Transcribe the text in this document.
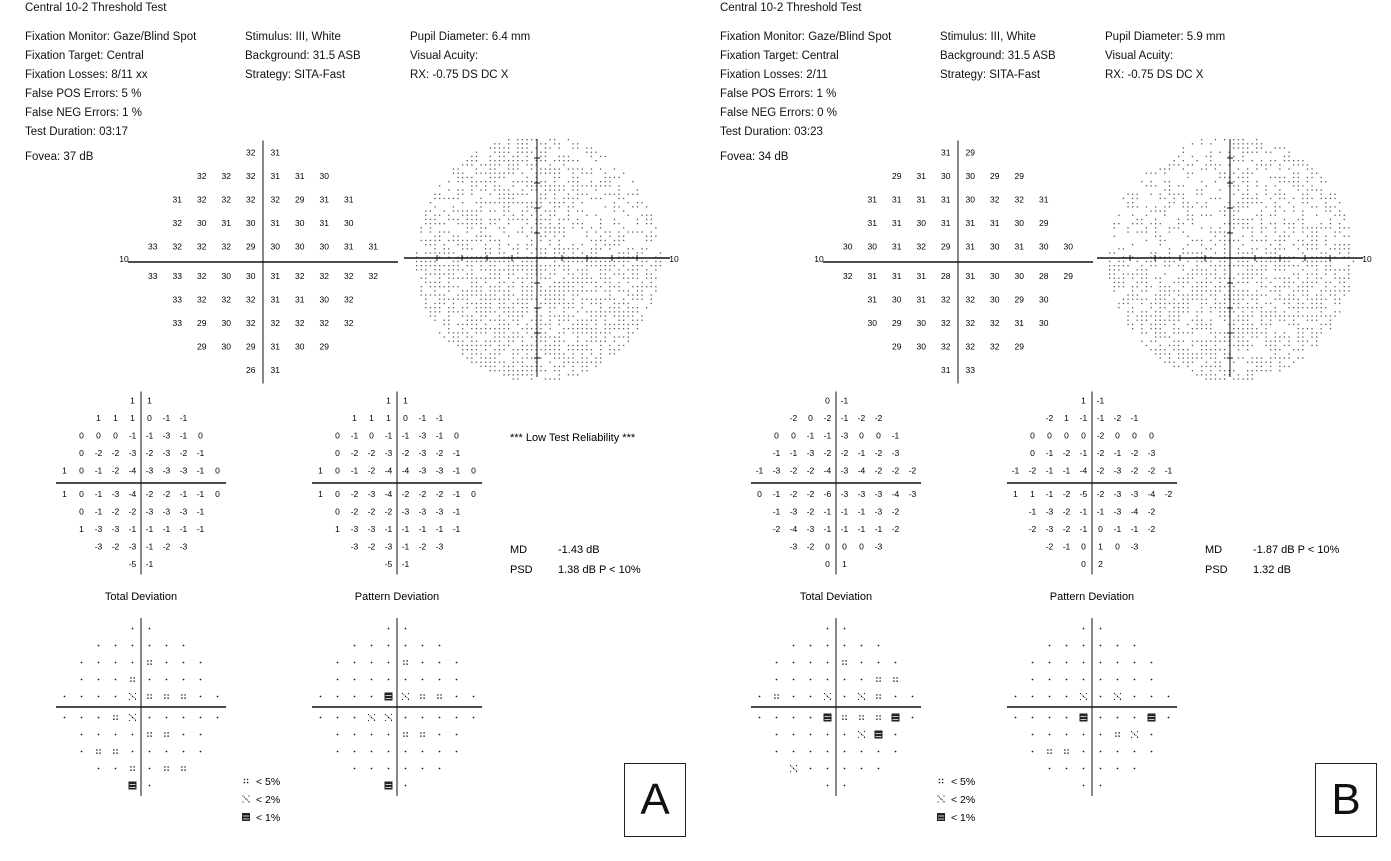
Central 10-2 Threshold Test
Fixation Monitor: Gaze/Blind Spot
Fixation Target: Central
Fixation Losses: 8/11 xx
False POS Errors: 5 %
False NEG Errors: 1 %
Test Duration: 03:17
Stimulus: III, White
Background: 31.5 ASB
Strategy: SITA-Fast
Pupil Diameter: 6.4 mm
Visual Acuity:
RX: -0.75 DS DC X
Fovea: 37 dB	32 31
32 32 32 31 31 30
31 32 32 32 32 29 31 31
32 30 31 30 31 30 31 30
33 32 32 32 29 30 30 30 31 31
33 33 32 30 30 31 32 32 32 32
33 32 32 32 31 31 30 32
33 29 30 32 32 32 32 32
29 30 29 31 30 29
26 31
10	10
1 1
1 1 1 0 -1 -1
0 0 0 -1 -1 -3 -1 0
0 -2 -2 -3 -2 -3 -2 -1
1 0 -1 -2 -4 -3 -3 -3 -1 0
1 0 -1 -3 -4 -2 -2 -1 -1 0
0 -1 -2 -2 -3 -3 -3 -1
1 -3 -3 -1 -1 -1 -1 -1
-3 -2 -3 -1 -2 -3
-5 -1
1 1
1 1 1 0 -1 -1
0 -1 0 -1 -1 -3 -1 0
0 -2 -2 -3 -2 -3 -2 -1
1 0 -1 -2 -4 -4 -3 -3 -1 0
1 0 -2 -3 -4 -2 -2 -2 -1 0
0 -2 -2 -2 -3 -3 -3 -1
1 -3 -3 -1 -1 -1 -1 -1
-3 -2 -3 -1 -2 -3
-5 -1
Total Deviation	Pattern Deviation
< 5%
< 2%
< 1%
*** Low Test Reliability ***
MD	-1.43 dB
PSD 1.38 dB P < 10%
A
Central 10-2 Threshold Test
Fixation Monitor: Gaze/Blind Spot
Fixation Target: Central
Fixation Losses: 2/11
False POS Errors: 1 %
False NEG Errors: 0 %
Test Duration: 03:23
Stimulus: III, White
Background: 31.5 ASB
Strategy: SITA-Fast
Pupil Diameter: 5.9 mm
Visual Acuity:
RX: -0.75 DS DC X
Fovea: 34 dB	31 29
29 31 30 30 29 29
31 31 31 31 30 32 32 31
31 31 30 31 31 31 30 29
30 30 31 32 29 31 30 31 30 30
32 31 31 31 28 31 30 30 28 29
31 30 31 32 32 30 29 30
30 29 30 32 32 32 31 30
29 30 32 32 32 29
31 33
10	10
0 -1
-2 0 -2 -1 -2 -2
0 0 -1 -1 -3 0 0 -1
-1 -1 -3 -2 -2 -1 -2 -3
-1 -3 -2 -2 -4 -3 -4 -2 -2 -2
0 -1 -2 -2 -6 -3 -3 -3 -4 -3
-1 -3 -2 -1 -1 -1 -3 -2
-2 -4 -3 -1 -1 -1 -1 -2
-3 -2 0 0 0 -3
0 1
1 -1
-2 1 -1 -1 -2 -1
0 0 0 0 -2 0 0 0
0 -1 -2 -1 -2 -1 -2 -3
-1 -2 -1 -1 -4 -2 -3 -2 -2 -1
1 1 -1 -2 -5 -2 -3 -3 -4 -2
-1 -3 -2 -1 -1 -3 -4 -2
-2 -3 -2 -1 0 -1 -1 -2
-2 -1 0 1 0 -3
0 2
Total Deviation	Pattern Deviation
< 5%
< 2%
< 1%
MD	-1.87 dB P < 10%
PSD 1.32 dB
B
